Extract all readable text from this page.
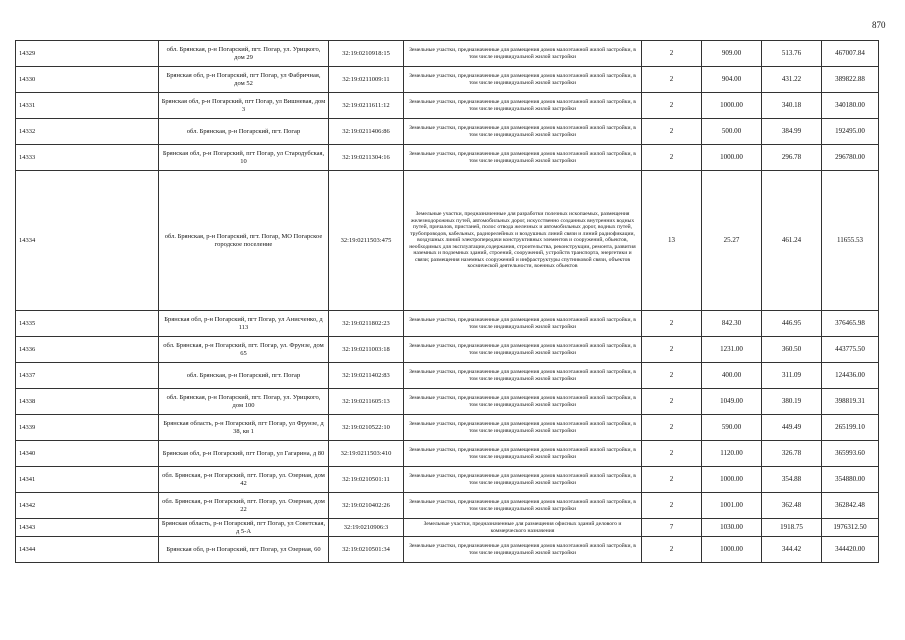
870
14329	обл. Брянская, р-н Погарский, пгт. Погар, ул. Урицкого, дом 29	32:19:0210918:15	Земельные участки, предназначенные для размещения домов малоэтажной жилой застройки, в том числе индивидуальной жилой застройки	2	909.00	513.76	467007.84
14330	Брянская обл, р-н Погарский, пгт Погар, ул Фабричная, дом 52	32:19:0211009:11	Земельные участки, предназначенные для размещения домов малоэтажной жилой застройки, в том числе индивидуальной жилой застройки	2	904.00	431.22	389822.88
14331	Брянская обл, р-н Погарский, пгт Погар, ул Вишневая, дом 3	32:19:0211611:12	Земельные участки, предназначенные для размещения домов малоэтажной жилой застройки, в том числе индивидуальной жилой застройки	2	1000.00	340.18	340180.00
14332	обл. Брянская, р-н Погарский, пгт. Погар	32:19:0211406:86	Земельные участки, предназначенные для размещения домов малоэтажной жилой застройки, в том числе индивидуальной жилой застройки	2	500.00	384.99	192495.00
14333	Брянская обл, р-н Погарский, пгт Погар, ул Стародубская, 10	32:19:0211304:16	Земельные участки, предназначенные для размещения домов малоэтажной жилой застройки, в том числе индивидуальной жилой застройки	2	1000.00	296.78	296780.00
14334	обл. Брянская, р-н Погарский, пгт. Погар, МО Погарское городское поселение	32:19:0211503:475	Земельные участки, предназначенные для разработки полезных ископаемых, размещения железнодорожных путей, автомобильных дорог, искусственно созданных внутренних водных путей, причалов, пристаней, полос отвода железных и автомобильных дорог, водных путей, трубопроводов, кабельных, радиорелейных и воздушных линий связи и линий радиофикации, воздушных линий электропередачи конструктивных элементов и сооружений, объектов, необходимых для эксплуатации,содержания, строительства, реконструкции, ремонта, развития наземных и подземных зданий, строений, сооружений, устройств транспорта, энергетики и связи; размещения наземных сооружений и инфраструктуры спутниковой связи, объектов космической деятельности, военных объектов	13	25.27	461.24	11655.53
14335	Брянская обл, р-н Погарский, пгт Погар, ул Анисченко, д 113	32:19:0211802:23	Земельные участки, предназначенные для размещения домов малоэтажной жилой застройки, в том числе индивидуальной жилой застройки	2	842.30	446.95	376465.98
14336	обл. Брянская, р-н Погарский, пгт. Погар, ул. Фрунзе, дом 65	32:19:0211003:18	Земельные участки, предназначенные для размещения домов малоэтажной жилой застройки, в том числе индивидуальной жилой застройки	2	1231.00	360.50	443775.50
14337	обл. Брянская, р-н Погарский, пгт. Погар	32:19:0211402:83	Земельные участки, предназначенные для размещения домов малоэтажной жилой застройки, в том числе индивидуальной жилой застройки	2	400.00	311.09	124436.00
14338	обл. Брянская, р-н Погарский, пгт. Погар, ул. Урицкого, дом 100	32:19:0211605:13	Земельные участки, предназначенные для размещения домов малоэтажной жилой застройки, в том числе индивидуальной жилой застройки	2	1049.00	380.19	398819.31
14339	Брянская область, р-н Погарский, пгт Погар, ул Фрунзе, д 38, кв 1	32:19:0210522:10	Земельные участки, предназначенные для размещения домов малоэтажной жилой застройки, в том числе индивидуальной жилой застройки	2	590.00	449.49	265199.10
14340	Брянская обл, р-н Погарский, пгт Погар, ул Гагарина, д 80	32:19:0211503:410	Земельные участки, предназначенные для размещения домов малоэтажной жилой застройки, в том числе индивидуальной жилой застройки	2	1120.00	326.78	365993.60
14341	обл. Брянская, р-н Погарский, пгт. Погар, ул. Озерная, дом 42	32:19:0210501:11	Земельные участки, предназначенные для размещения домов малоэтажной жилой застройки, в том числе индивидуальной жилой застройки	2	1000.00	354.88	354880.00
14342	обл. Брянская, р-н Погарский, пгт. Погар, ул. Озерная, дом 22	32:19:0210402:26	Земельные участки, предназначенные для размещения домов малоэтажной жилой застройки, в том числе индивидуальной жилой застройки	2	1001.00	362.48	362842.48
14343	Брянская область, р-н Погарский, пгт Погар, ул Советская, д 5-А	32:19:0210906:3	Земельные участки, предназначенные для размещения офисных зданий делового и коммерческого назначения	7	1030.00	1918.75	1976312.50
14344	Брянская обл, р-н Погарский, пгт Погар, ул Озерная, 60	32:19:0210501:34	Земельные участки, предназначенные для размещения домов малоэтажной жилой застройки, в том числе индивидуальной жилой застройки	2	1000.00	344.42	344420.00
